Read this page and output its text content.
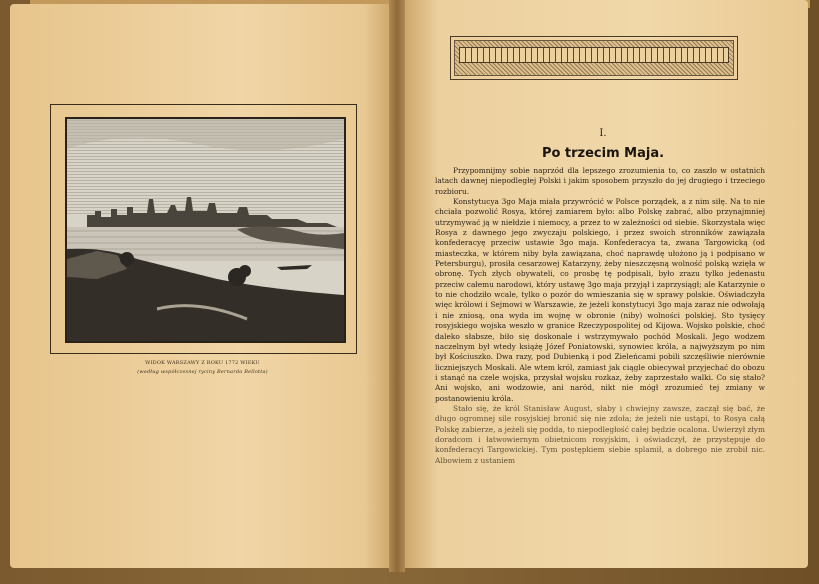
WIDOK WARSZAWY Z ROKU 1772 WIEKU
(według współczesnej ryciny Bernarda Bellotta)
I.
Po trzecim Maja.

Przypomnijmy sobie naprzód dla lepszego zrozumienia to, co zaszło w ostatnich latach dawnej niepodległej Polski i jakim sposobem przyszło do jej drugiego i trzeciego rozbioru.

Konstytucya 3go Maja miała przywrócić w Polsce porządek, a z nim siłę. Na to nie chciała pozwolić Rosya, której zamiarem było: albo Polskę zabrać, albo przynajmniej utrzymywać ją w niełdzie i niemocy, a przez to w zależności od siebie. Skorzystała więc Rosya z dawnego jego zwyczaju polskiego, i przez swoich stronników zawiązała konfederacyę przeciw ustawie 3go maja. Konfederacya ta, zwana Targowicką (od miasteczka, w którem niby była zawiązana, choć naprawdę ułożono ją i podpisano w Petersburgu), prosiła cesarzowej Katarzyny, żeby nieszczęsną wolność polską wzięła w obronę. Tych złych obywateli, co prosbę tę podpisali, było zrazu tylko jedenastu przeciw całemu narodowi, który ustawę 3go maja przyjął i zaprzysiągł; ale Katarzynie o to nie chodziło wcale, tylko o pozór do wmieszania się w sprawy polskie. Oświadczyła więc królowi i Sejmowi w Warszawie, że jeżeli konstytucyi 3go maja zaraz nie odwołają i nie zniosą, ona wyda im wojnę w obronie (niby) wolności polskiej. Sto tysięcy rosyjskiego wojska weszło w granice Rzeczypospolitej od Kijowa. Wojsko polskie, choć daleko słabsze, biło się doskonale i wstrzymywało pochód Moskali. Jego wodzem naczelnym był wtedy książę Józef Poniatowski, synowiec króla, a najwyższym po nim był Kościuszko. Dwa razy, pod Dubienką i pod Zieleńcami pobili szczęśliwie nierównie liczniejszych Moskali. Ale wtem król, zamiast jak ciągle obiecywał przyjechać do obozu i stanąć na czele wojska, przysłał wojsku rozkaz, żeby zaprzestało walki. Co się stało? Ani wojsko, ani wodzowie, ani naród, nikt nie mógł zrozumieć tej zmiany w postanowieniu króla.

Stało się, że król Stanisław August, słaby i chwiejny zawsze, zaczął się bać, że długo ogromnej sile rosyjskiej bronić się nie zdoła; że jeżeli nie ustąpi, to Rosya całą Polskę zabierze, a jeżeli się podda, to niepodległość całej będzie ocalona. Uwierzył złym doradcom i łatwowiernym obietnicom rosyjskim, i oświadczył, że przystępuje do konfederacyi Targowickiej. Tym postępkiem siebie splamił, a dobrego nie zrobił nic. Albowiem z ustaniem
